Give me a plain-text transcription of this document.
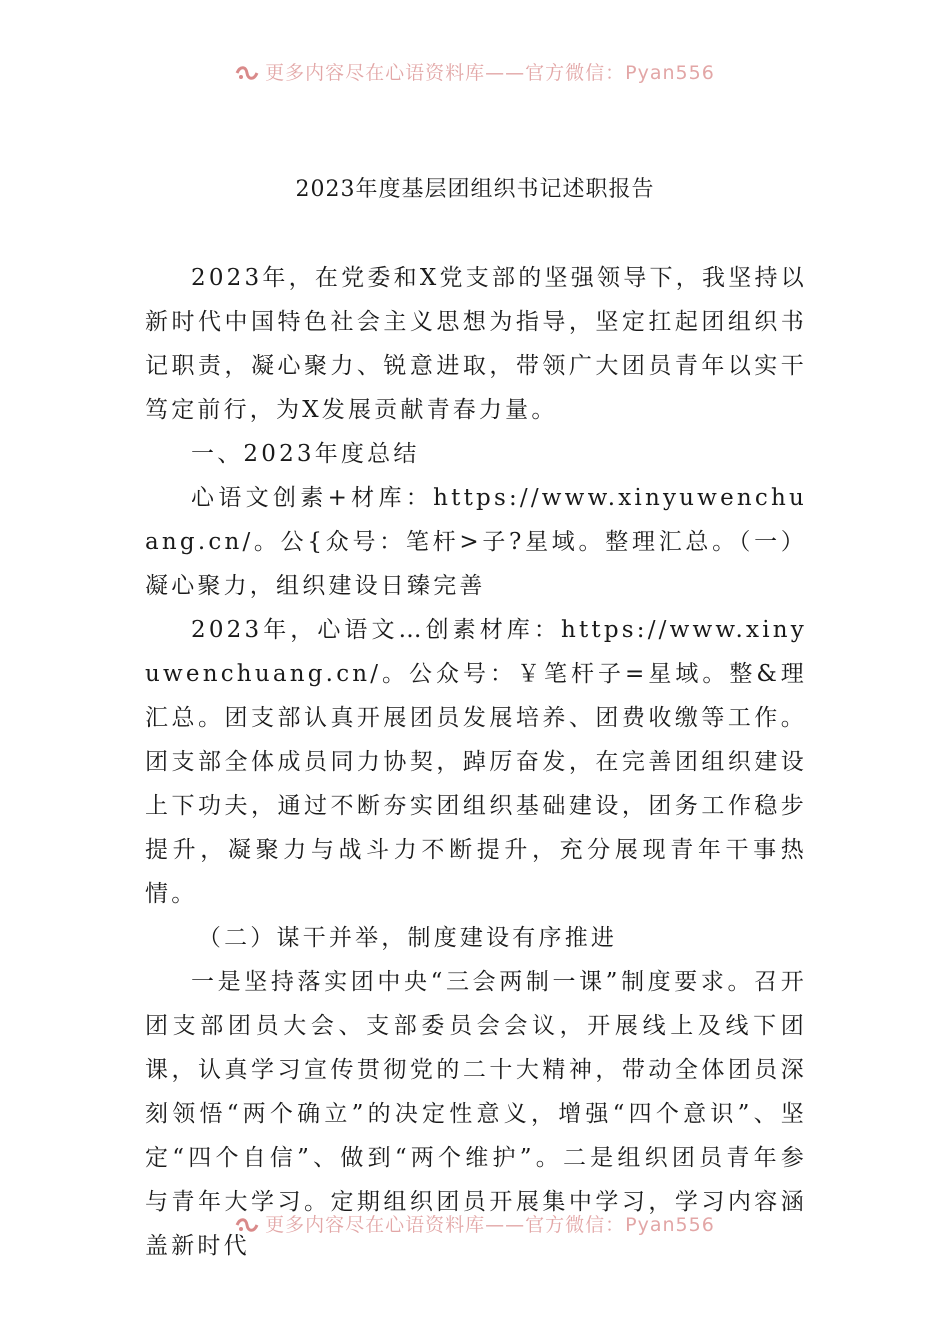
更多内容尽在心语资料库——官方微信：Pyan556
2023年度基层团组织书记述职报告

2023年，在党委和X党支部的坚强领导下，我坚持以新时代中国特色社会主义思想为指导，坚定扛起团组织书记职责，凝心聚力、锐意进取，带领广大团员青年以实干笃定前行，为X发展贡献青春力量。

一、2023年度总结

心语文创素+材库：https://www.xinyuwenchuang.cn/。公{众号：笔杆>子?星域。整理汇总。（一）凝心聚力，组织建设日臻完善

2023年，心语文…创素材库：https://www.xinyuwenchuang.cn/。公众号：￥笔杆子=星域。整&理汇总。团支部认真开展团员发展培养、团费收缴等工作。团支部全体成员同力协契，踔厉奋发，在完善团组织建设上下功夫，通过不断夯实团组织基础建设，团务工作稳步提升，凝聚力与战斗力不断提升，充分展现青年干事热情。

（二）谋干并举，制度建设有序推进

一是坚持落实团中央“三会两制一课”制度要求。召开团支部团员大会、支部委员会会议，开展线上及线下团课，认真学习宣传贯彻党的二十大精神，带动全体团员深刻领悟“两个确立”的决定性意义，增强“四个意识”、坚定“四个自信”、做到“两个维护”。二是组织团员青年参与青年大学习。定期组织团员开展集中学习，学习内容涵盖新时代

更多内容尽在心语资料库——官方微信：Pyan556
